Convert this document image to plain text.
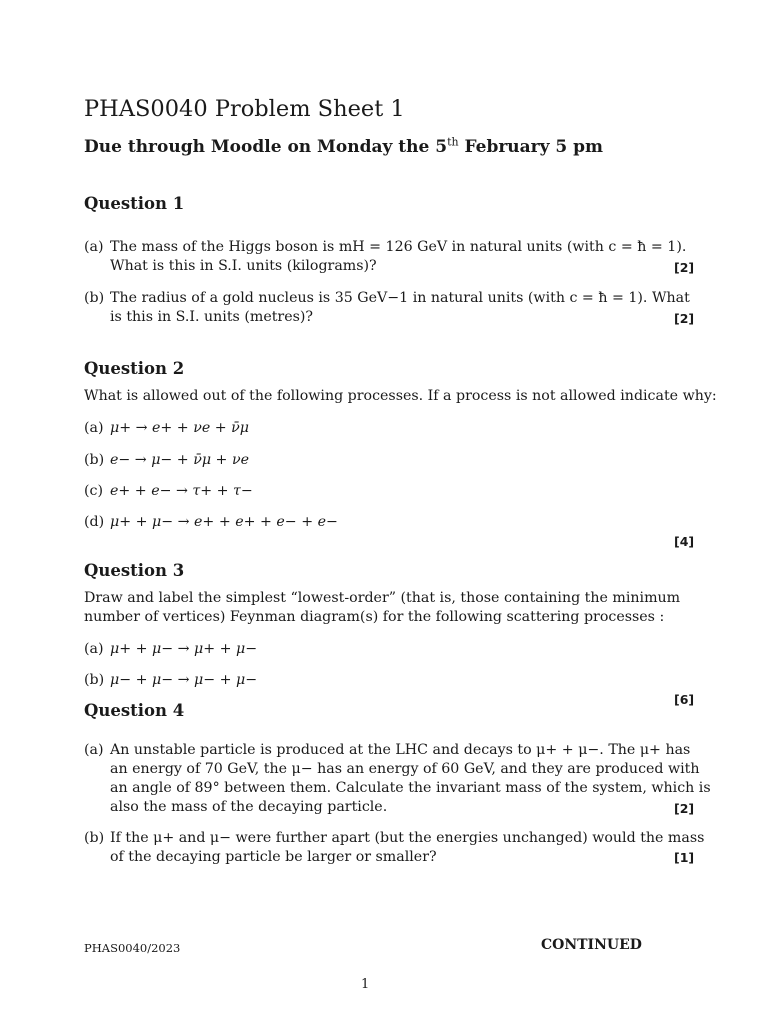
PHAS0040 Problem Sheet 1
Due through Moodle on Monday the 5th February 5 pm
Question 1
(a) The mass of the Higgs boson is mH = 126 GeV in natural units (with c = ħ = 1).
What is this in S.I. units (kilograms)?	[2]
(b) The radius of a gold nucleus is 35 GeV−1 in natural units (with c = ħ = 1). What
is this in S.I. units (metres)?	[2]
Question 2
What is allowed out of the following processes. If a process is not allowed indicate why:
(a) μ+ → e+ + νe + ν̄μ
(b) e− → μ− + ν̄μ + νe
(c) e+ + e− → τ+ + τ−
(d) μ+ + μ− → e+ + e+ + e− + e−
[4]
Question 3
Draw and label the simplest “lowest-order” (that is, those containing the minimum
number of vertices) Feynman diagram(s) for the following scattering processes :
(a) μ+ + μ− → μ+ + μ−
(b) μ− + μ− → μ− + μ−
[6]
Question 4
(a) An unstable particle is produced at the LHC and decays to μ+ + μ−. The μ+ has
an energy of 70 GeV, the μ− has an energy of 60 GeV, and they are produced with
an angle of 89° between them. Calculate the invariant mass of the system, which is
also the mass of the decaying particle.	[2]
(b) If the μ+ and μ− were further apart (but the energies unchanged) would the mass
of the decaying particle be larger or smaller?	[1]
PHAS0040/2023	CONTINUED
1
